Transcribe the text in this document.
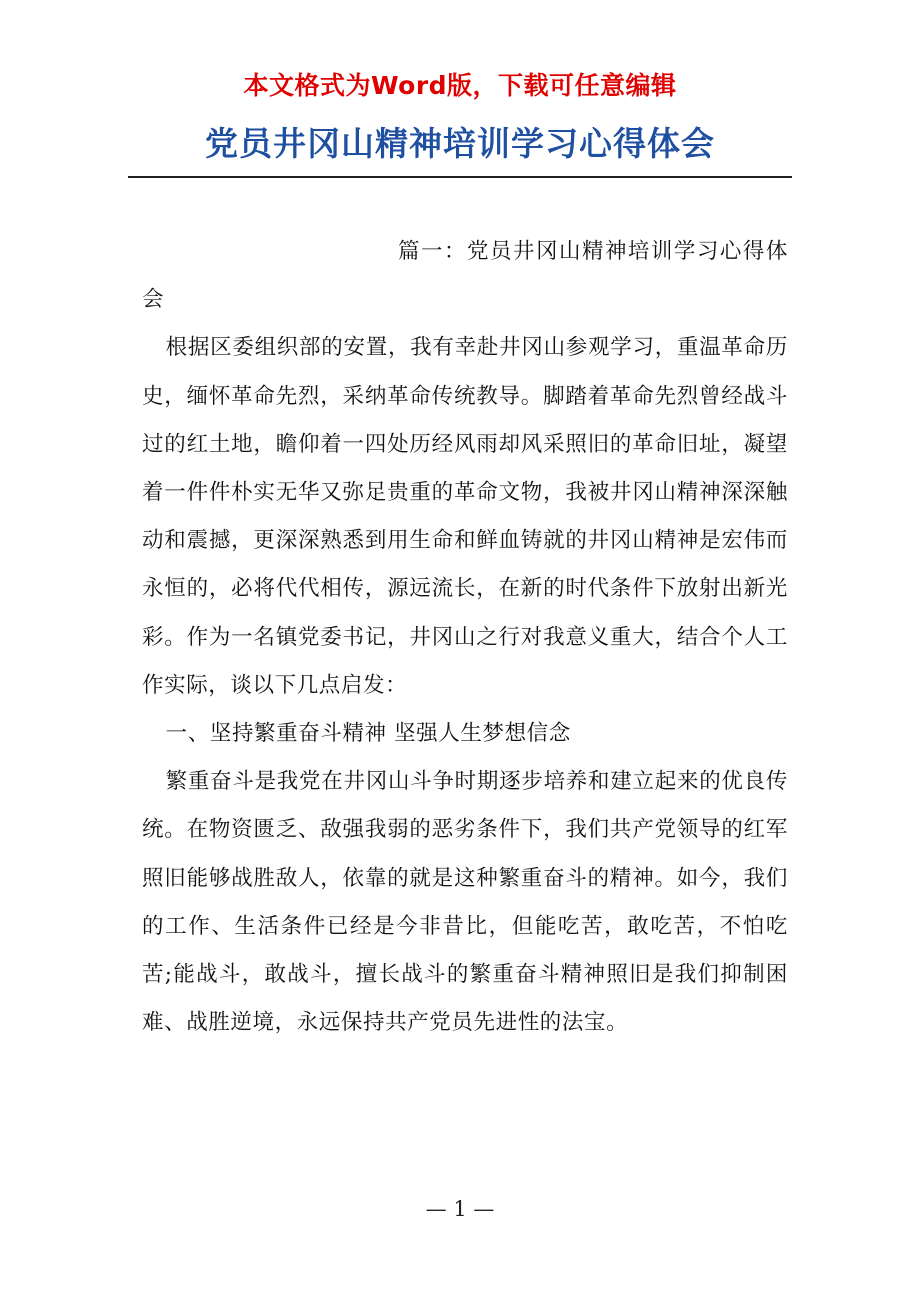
本文格式为Word版，下载可任意编辑
党员井冈山精神培训学习心得体会

篇一：党员井冈山精神培训学习心得体会

根据区委组织部的安置，我有幸赴井冈山参观学习，重温革命历史，缅怀革命先烈，采纳革命传统教导。脚踏着革命先烈曾经战斗过的红土地，瞻仰着一四处历经风雨却风采照旧的革命旧址，凝望着一件件朴实无华又弥足贵重的革命文物，我被井冈山精神深深触动和震撼，更深深熟悉到用生命和鲜血铸就的井冈山精神是宏伟而永恒的，必将代代相传，源远流长，在新的时代条件下放射出新光彩。作为一名镇党委书记，井冈山之行对我意义重大，结合个人工作实际，谈以下几点启发：

一、坚持繁重奋斗精神 坚强人生梦想信念

繁重奋斗是我党在井冈山斗争时期逐步培养和建立起来的优良传统。在物资匮乏、敌强我弱的恶劣条件下，我们共产党领导的红军照旧能够战胜敌人，依靠的就是这种繁重奋斗的精神。如今，我们的工作、生活条件已经是今非昔比，但能吃苦，敢吃苦，不怕吃苦;能战斗，敢战斗，擅长战斗的繁重奋斗精神照旧是我们抑制困难、战胜逆境，永远保持共产党员先进性的法宝。

— 1 —
